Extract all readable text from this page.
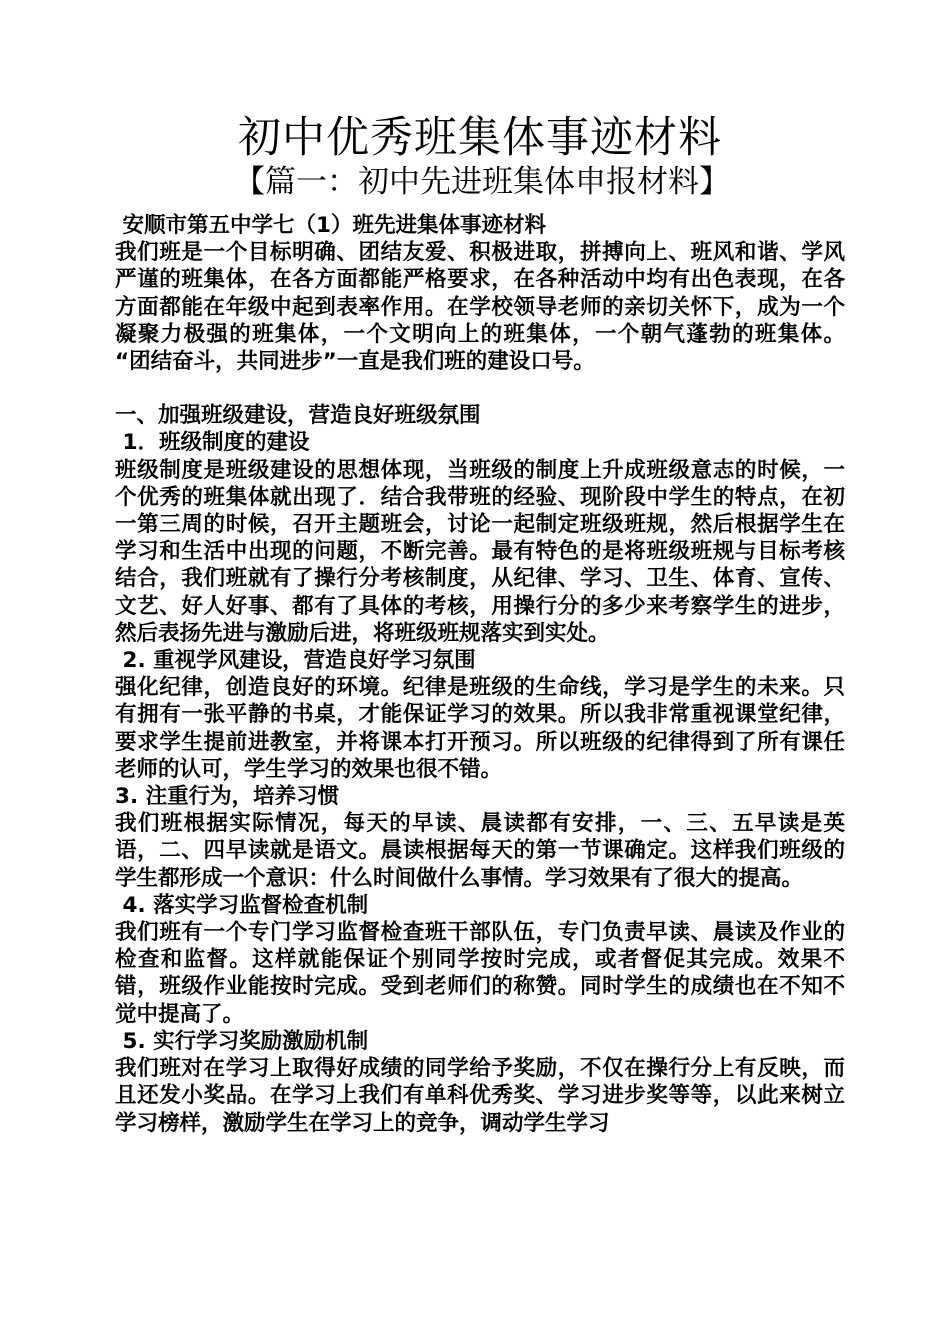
初中优秀班集体事迹材料
【篇一：初中先进班集体申报材料】

安顺市第五中学七（1）班先进集体事迹材料

我们班是一个目标明确、团结友爱、积极进取，拼搏向上、班风和谐、学风严谨的班集体，在各方面都能严格要求，在各种活动中均有出色表现，在各方面都能在年级中起到表率作用。在学校领导老师的亲切关怀下，成为一个凝聚力极强的班集体，一个文明向上的班集体，一个朝气蓬勃的班集体。 “团结奋斗，共同进步”一直是我们班的建设口号。

一、加强班级建设，营造良好班级氛围

1．班级制度的建设

班级制度是班级建设的思想体现，当班级的制度上升成班级意志的时候，一个优秀的班集体就出现了．结合我带班的经验、现阶段中学生的特点，在初一第三周的时候，召开主题班会，讨论一起制定班级班规，然后根据学生在学习和生活中出现的问题，不断完善。最有特色的是将班级班规与目标考核结合，我们班就有了操行分考核制度，从纪律、学习、卫生、体育、宣传、文艺、好人好事、都有了具体的考核，用操行分的多少来考察学生的进步，然后表扬先进与激励后进，将班级班规落实到实处。

2. 重视学风建设，营造良好学习氛围

强化纪律，创造良好的环境。纪律是班级的生命线，学习是学生的未来。只有拥有一张平静的书桌，才能保证学习的效果。所以我非常重视课堂纪律，要求学生提前进教室，并将课本打开预习。所以班级的纪律得到了所有课任老师的认可，学生学习的效果也很不错。

3. 注重行为，培养习惯

我们班根据实际情况，每天的早读、晨读都有安排，一、三、五早读是英语，二、四早读就是语文。晨读根据每天的第一节课确定。这样我们班级的学生都形成一个意识：什么时间做什么事情。学习效果有了很大的提高。

4. 落实学习监督检查机制

我们班有一个专门学习监督检查班干部队伍，专门负责早读、晨读及作业的检查和监督。这样就能保证个别同学按时完成，或者督促其完成。效果不错，班级作业能按时完成。受到老师们的称赞。同时学生的成绩也在不知不觉中提高了。

5. 实行学习奖励激励机制

我们班对在学习上取得好成绩的同学给予奖励，不仅在操行分上有反映，而且还发小奖品。在学习上我们有单科优秀奖、学习进步奖等等，以此来树立学习榜样，激励学生在学习上的竞争，调动学生学习
